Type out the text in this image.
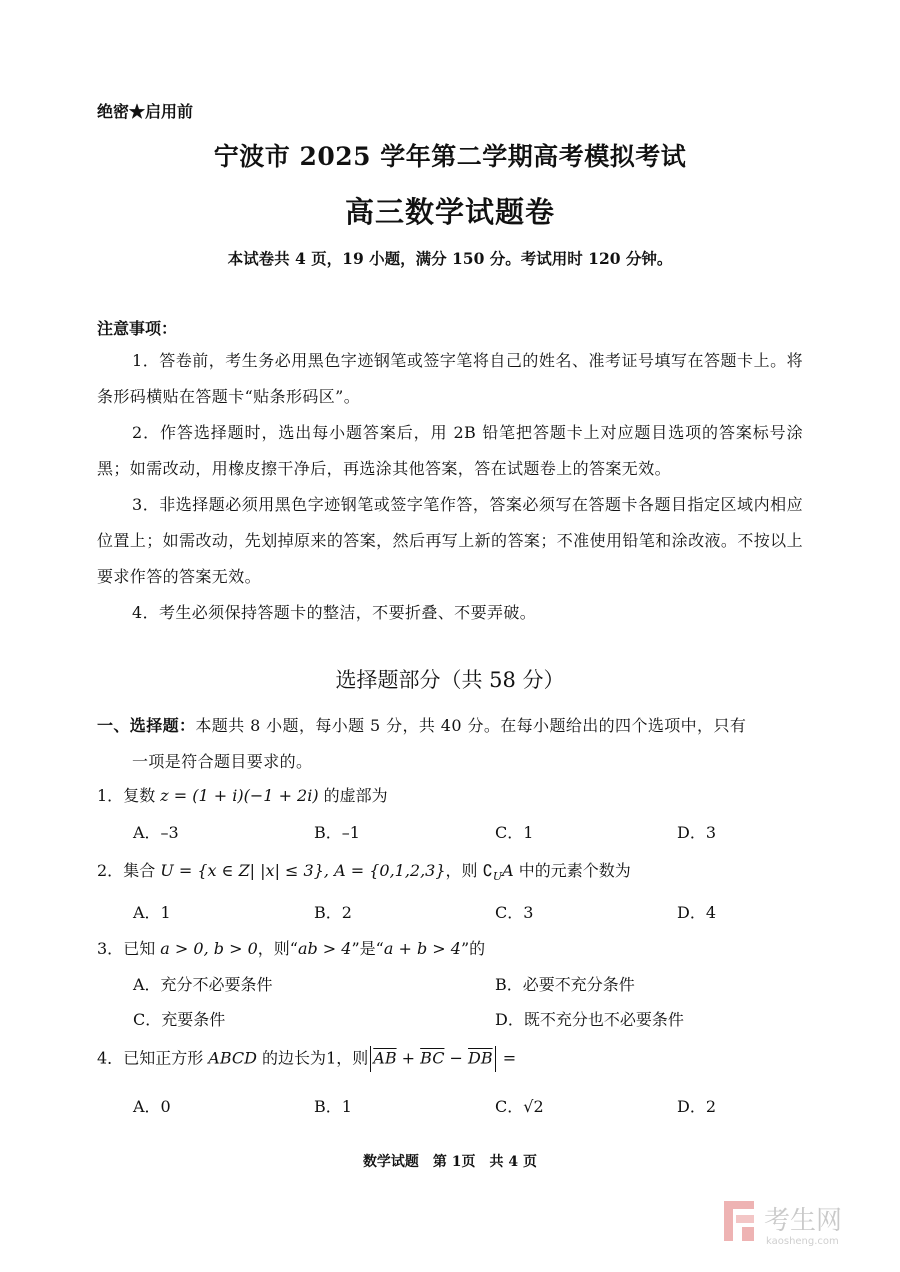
绝密★启用前
宁波市 2025 学年第二学期高考模拟考试
高三数学试题卷
本试卷共 4 页，19 小题，满分 150 分。考试用时 120 分钟。
注意事项：
1．答卷前，考生务必用黑色字迹钢笔或签字笔将自己的姓名、准考证号填写在答题卡上。将条形码横贴在答题卡“贴条形码区”。
2．作答选择题时，选出每小题答案后，用 2B 铅笔把答题卡上对应题目选项的答案标号涂黑；如需改动，用橡皮擦干净后，再选涂其他答案，答在试题卷上的答案无效。
3．非选择题必须用黑色字迹钢笔或签字笔作答，答案必须写在答题卡各题目指定区域内相应位置上；如需改动，先划掉原来的答案，然后再写上新的答案；不准使用铅笔和涂改液。不按以上要求作答的答案无效。
4．考生必须保持答题卡的整洁，不要折叠、不要弄破。
选择题部分（共 58 分）
一、选择题：本题共 8 小题，每小题 5 分，共 40 分。在每小题给出的四个选项中，只有
一项是符合题目要求的。
1．复数 z = (1 + i)(−1 + 2i) 的虚部为
A．–3	B．–1	C．1	D．3
2．集合 U = {x ∈ Z| |x| ≤ 3}, A = {0,1,2,3}，则 $∁_UA$ 中的元素个数为
A．1	B．2	C．3	D．4
3．已知 a > 0, b > 0，则“ab > 4”是“a + b > 4”的
A．充分不必要条件	B．必要不充分条件
C．充要条件	D．既不充分也不必要条件
4．已知正方形 ABCD 的边长为1，则 $\overline{AB} + \overline{BC} - \overline{DB}$ =
A．0	B．1	C．√2	D．2
数学试题　第 1页　共 4 页
考生网
kaosheng.com
